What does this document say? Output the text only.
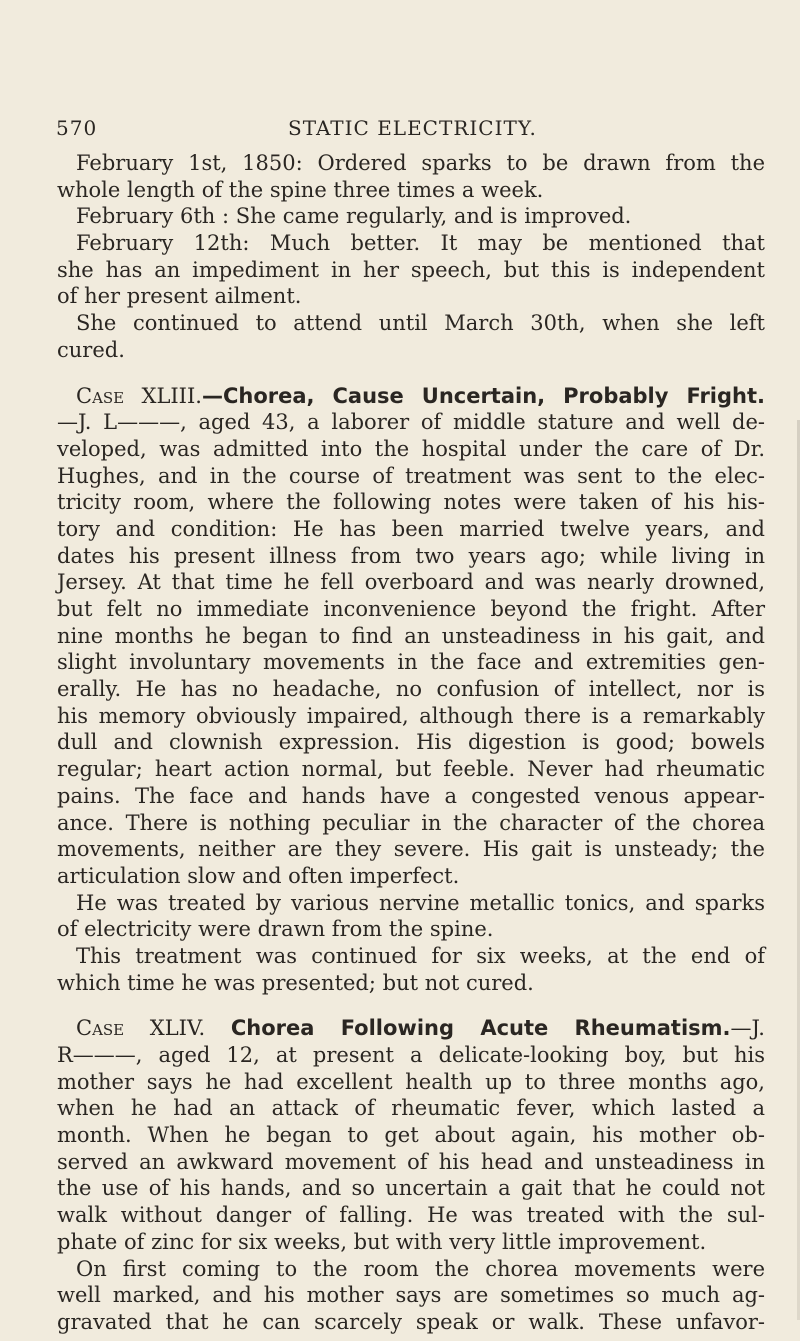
570	STATIC ELECTRICITY.
February 1st, 1850: Ordered sparks to be drawn from the
whole length of the spine three times a week.
February 6th : She came regularly, and is improved.
February 12th: Much better. It may be mentioned that
she has an impediment in her speech, but this is independent
of her present ailment.
She continued to attend until March 30th, when she left
cured.
Case XLIII.—Chorea, Cause Uncertain, Probably Fright.
—J. L———, aged 43, a laborer of middle stature and well de-
veloped, was admitted into the hospital under the care of Dr.
Hughes, and in the course of treatment was sent to the elec-
tricity room, where the following notes were taken of his his-
tory and condition: He has been married twelve years, and
dates his present illness from two years ago; while living in
Jersey. At that time he fell overboard and was nearly drowned,
but felt no immediate inconvenience beyond the fright. After
nine months he began to find an unsteadiness in his gait, and
slight involuntary movements in the face and extremities gen-
erally. He has no headache, no confusion of intellect, nor is
his memory obviously impaired, although there is a remarkably
dull and clownish expression. His digestion is good; bowels
regular; heart action normal, but feeble. Never had rheumatic
pains. The face and hands have a congested venous appear-
ance. There is nothing peculiar in the character of the chorea
movements, neither are they severe. His gait is unsteady; the
articulation slow and often imperfect.
He was treated by various nervine metallic tonics, and sparks
of electricity were drawn from the spine.
This treatment was continued for six weeks, at the end of
which time he was presented; but not cured.
Case XLIV. Chorea Following Acute Rheumatism.—J.
R———, aged 12, at present a delicate-looking boy, but his
mother says he had excellent health up to three months ago,
when he had an attack of rheumatic fever, which lasted a
month. When he began to get about again, his mother ob-
served an awkward movement of his head and unsteadiness in
the use of his hands, and so uncertain a gait that he could not
walk without danger of falling. He was treated with the sul-
phate of zinc for six weeks, but with very little improvement.
On first coming to the room the chorea movements were
well marked, and his mother says are sometimes so much ag-
gravated that he can scarcely speak or walk. These unfavor-
